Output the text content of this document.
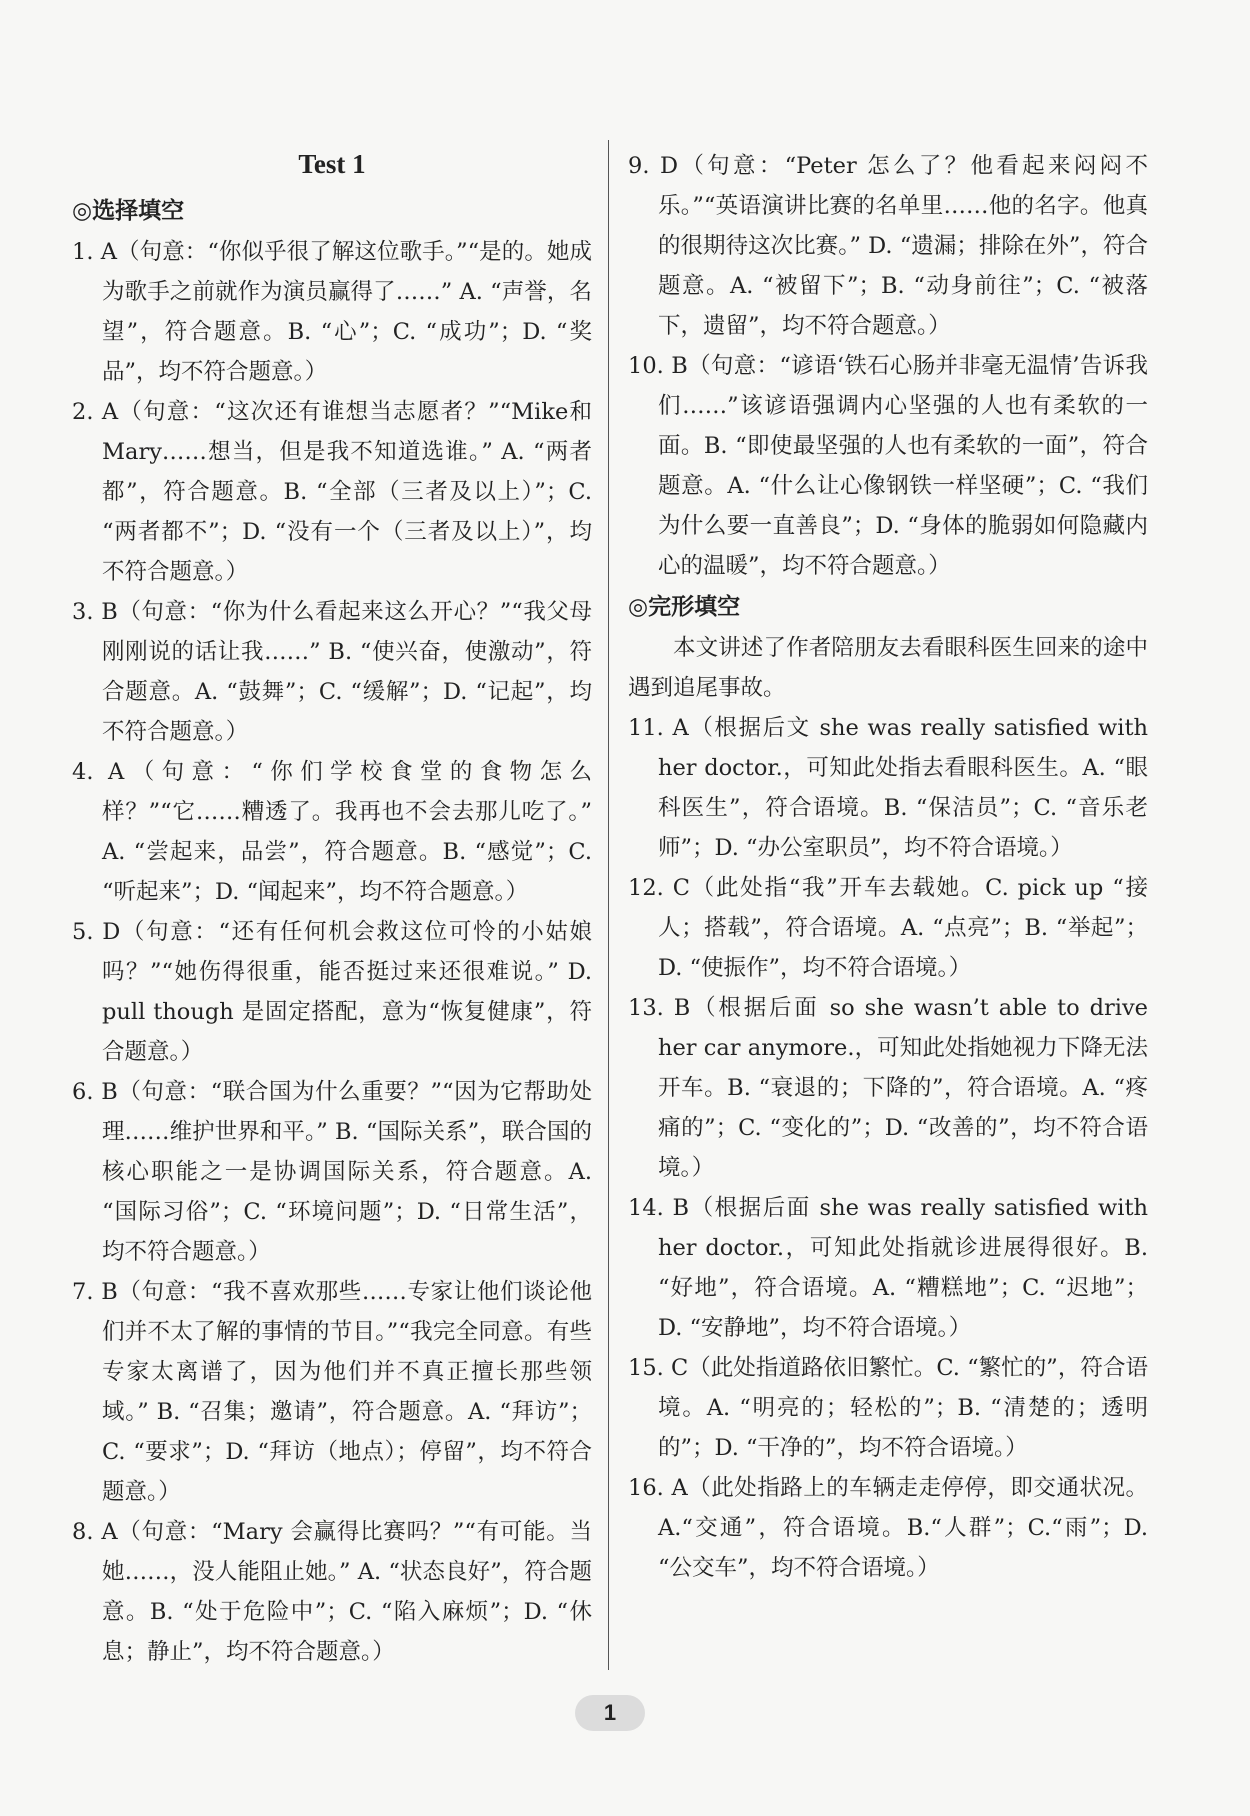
Test 1

◎选择填空

1. A（句意：“你似乎很了解这位歌手。”“是的。她成为歌手之前就作为演员赢得了……” A. “声誉，名望”，符合题意。B. “心”；C. “成功”；D. “奖品”，均不符合题意。）

2. A（句意：“这次还有谁想当志愿者？”“Mike和 Mary……想当，但是我不知道选谁。” A. “两者都”，符合题意。B. “全部（三者及以上）”；C. “两者都不”；D. “没有一个（三者及以上）”，均不符合题意。）

3. B（句意：“你为什么看起来这么开心？”“我父母刚刚说的话让我……” B. “使兴奋，使激动”，符合题意。A. “鼓舞”；C. “缓解”；D. “记起”，均不符合题意。）

4. A（句意：“你们学校食堂的食物怎么样？”“它……糟透了。我再也不会去那儿吃了。” A. “尝起来，品尝”，符合题意。B. “感觉”；C. “听起来”；D. “闻起来”，均不符合题意。）

5. D（句意：“还有任何机会救这位可怜的小姑娘吗？”“她伤得很重，能否挺过来还很难说。” D. pull though 是固定搭配，意为“恢复健康”，符合题意。）

6. B（句意：“联合国为什么重要？”“因为它帮助处理……维护世界和平。” B. “国际关系”，联合国的核心职能之一是协调国际关系，符合题意。A. “国际习俗”；C. “环境问题”；D. “日常生活”，均不符合题意。）

7. B（句意：“我不喜欢那些……专家让他们谈论他们并不太了解的事情的节目。”“我完全同意。有些专家太离谱了，因为他们并不真正擅长那些领域。” B. “召集；邀请”，符合题意。A. “拜访”；C. “要求”；D. “拜访（地点）；停留”，均不符合题意。）

8. A（句意：“Mary 会赢得比赛吗？”“有可能。当她……，没人能阻止她。” A. “状态良好”，符合题意。B. “处于危险中”；C. “陷入麻烦”；D. “休息；静止”，均不符合题意。）

9. D（句意：“Peter 怎么了？他看起来闷闷不乐。”“英语演讲比赛的名单里……他的名字。他真的很期待这次比赛。” D. “遗漏；排除在外”，符合题意。A. “被留下”；B. “动身前往”；C. “被落下，遗留”，均不符合题意。）

10. B（句意：“谚语‘铁石心肠并非毫无温情’告诉我们……”该谚语强调内心坚强的人也有柔软的一面。B. “即使最坚强的人也有柔软的一面”，符合题意。A. “什么让心像钢铁一样坚硬”；C. “我们为什么要一直善良”；D. “身体的脆弱如何隐藏内心的温暖”，均不符合题意。）

◎完形填空

本文讲述了作者陪朋友去看眼科医生回来的途中遇到追尾事故。

11. A（根据后文 she was really satisfied with her doctor.，可知此处指去看眼科医生。A. “眼科医生”，符合语境。B. “保洁员”；C. “音乐老师”；D. “办公室职员”，均不符合语境。）

12. C（此处指“我”开车去载她。C. pick up “接人；搭载”，符合语境。A. “点亮”；B. “举起”；D. “使振作”，均不符合语境。）

13. B（根据后面 so she wasn’t able to drive her car anymore.，可知此处指她视力下降无法开车。B. “衰退的；下降的”，符合语境。A. “疼痛的”；C. “变化的”；D. “改善的”，均不符合语境。）

14. B（根据后面 she was really satisfied with her doctor.，可知此处指就诊进展得很好。B. “好地”，符合语境。A. “糟糕地”；C. “迟地”；D. “安静地”，均不符合语境。）

15. C（此处指道路依旧繁忙。C. “繁忙的”，符合语境。A. “明亮的；轻松的”；B. “清楚的；透明的”；D. “干净的”，均不符合语境。）

16. A（此处指路上的车辆走走停停，即交通状况。A.“交通”，符合语境。B.“人群”；C.“雨”；D. “公交车”，均不符合语境。）

1
